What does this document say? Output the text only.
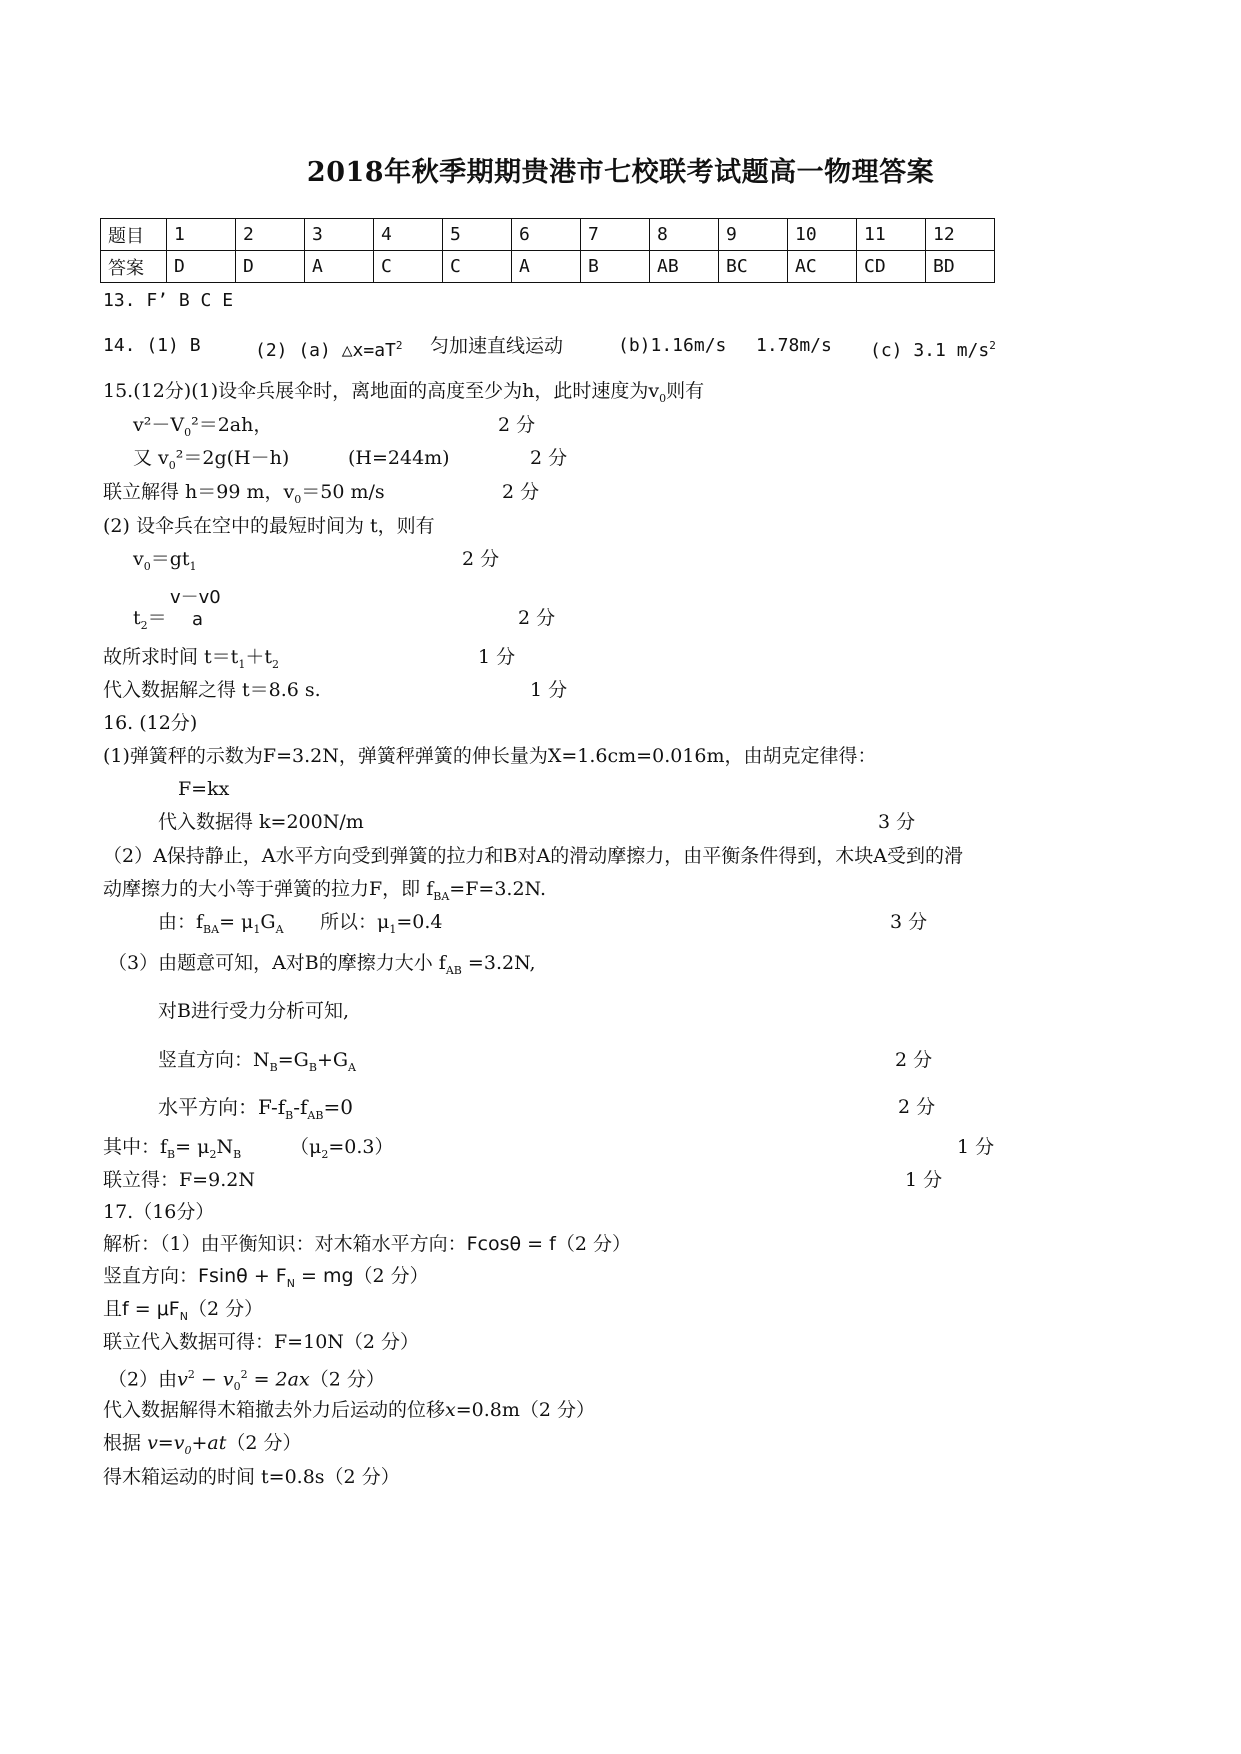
2018年秋季期期贵港市七校联考试题高一物理答案
题目	1	2	3	4	5	6	7	8	9	10	11	12
答案	D	D	A	C	C	A	B	AB	BC	AC	CD	BD
13. F’ B C E
14. (1) B	(2) (a) $\triangle x=aT^2$ 匀加速直线运动	(b)1.16m/s 1.78m/s (c) 3.1 $m/s^2$
15.(12分)(1)设伞兵展伞时，离地面的高度至少为h，此时速度为$v_0$则有
$v^2-V_0^2=2ah$，	2 分
又 $v_0^2=2g(H-h)$	(H=244m)	2 分
联立解得 h＝99 m，$v_0=50$ m/s	2 分
(2) 设伞兵在空中的最短时间为 t，则有
$v_0=gt_1$	2 分
v－v0
$t_2= a$	2 分
故所求时间 $t=t_1+t_2$	1 分
代入数据解之得 t＝8.6 s.	1 分
16. (12分)
(1)弹簧秤的示数为F=3.2N，弹簧秤弹簧的伸长量为X=1.6cm=0.016m，由胡克定律得：
F=kx
代入数据得 k=200N/m	3 分
（2）A保持静止，A水平方向受到弹簧的拉力和B对A的滑动摩擦力，由平衡条件得到，木块A受到的滑
动摩擦力的大小等于弹簧的拉力F，即 $f_{BA}=F=3.2N$.
由：$f_{BA}= \mu_1G_A$ 所以：$\mu_1=0.4$	3 分
（3）由题意可知，A对B的摩擦力大小 $f_{AB} =3.2N$,
对B进行受力分析可知,
竖直方向：$N_B=G_B+G_A$	2 分
水平方向：$F-f_B-f_{AB}=0$	2 分
其中：$f_B= \mu_2N_B$	$(\mu_2=0.3)$	1 分
联立得：F=9.2N	1 分
17.（16分）
解析：（1）由平衡知识：对木箱水平方向：Fcosθ = f（2 分）
竖直方向：$Fsin\theta + F_N = mg(2$ 分）
且$f = \mu F_N(2$ 分）
联立代入数据可得：F=10N（2 分）
（2）由$v^2 - v_0^2 = 2ax(2$ 分）
代入数据解得木箱撤去外力后运动的位移x=0.8m（2 分）
根据 $v=v_0+at(2$ 分）
得木箱运动的时间 t=0.8s（2 分）
